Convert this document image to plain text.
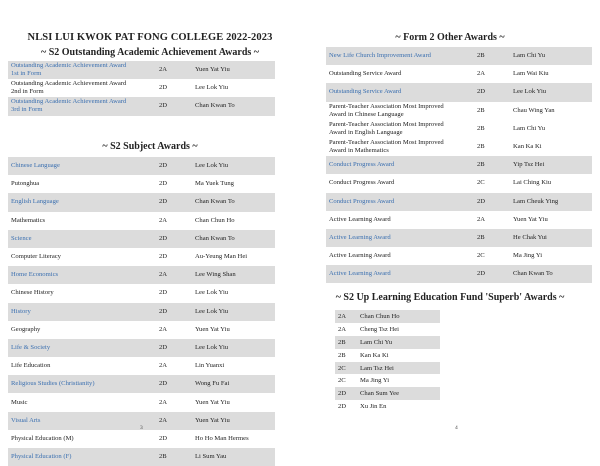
NLSI LUI KWOK PAT FONG COLLEGE 2022-2023
~ S2 Outstanding Academic Achievement Awards ~
Outstanding Academic Achievement Award
1st in Form	2A	Yuen Yat Yiu

Outstanding Academic Achievement Award
2nd in Form	2D	Lee Lok Yiu

Outstanding Academic Achievement Award
3rd in Form	2D	Chan Kwan To
~ S2 Subject Awards ~
Chinese Language	2D	Lee Lok Yiu
Putonghua	2D	Ma Yuek Tung
English Language	2D	Chan Kwan To
Mathematics	2A	Chan Chun Ho
Science	2D	Chan Kwan To
Computer Literacy	2D	Au-Yeung Man Hei
Home Economics	2A	Lee Wing Shan
Chinese History	2D	Lee Lok Yiu
History	2D	Lee Lok Yiu
Geography	2A	Yuen Yat Yiu
Life & Society	2D	Lee Lok Yiu
Life Education	2A	Lin Yuanxi
Religious Studies (Christianity)	2D	Wong Fu Fai
Music	2A	Yuen Yat Yiu
Visual Arts	2A	Yuen Yat Yiu
Physical Education (M)	2D	Ho Ho Man Hermes
Physical Education (F)	2B	Li Sum Yau
3
~ Form 2 Other Awards ~
New Life Church Improvement Award	2B	Lam Chi Yu

Outstanding Service Award	2A	Lam Wai Kiu

Outstanding Service Award	2D	Lee Lok Yiu

Parent-Teacher Association Most Improved
Award in Chinese Language	2B	Chau Wing Yan

Parent-Teacher Association Most Improved
Award in English Language	2B	Lam Chi Yu

Parent-Teacher Association Most Improved
Award in Mathematics	2B	Kan Ka Ki

Conduct Progress Award	2B	Yip Tsz Hei

Conduct Progress Award	2C	Lai Ching Kiu

Conduct Progress Award	2D	Lam Cheuk Ying

Active Learning Award	2A	Yuen Yat Yiu

Active Learning Award	2B	He Chak Yui

Active Learning Award	2C	Ma Jing Yi

Active Learning Award	2D	Chan Kwan To
~ S2 Up Learning Education Fund 'Superb' Awards ~
4
2A	Chan Chun Ho
2A	Cheng Tsz Hei
2B	Lam Chi Yu
2B	Kan Ka Ki
2C	Lam Tsz Hei
2C	Ma Jing Yi
2D	Chan Sum Yee
2D	Xu Jin En
